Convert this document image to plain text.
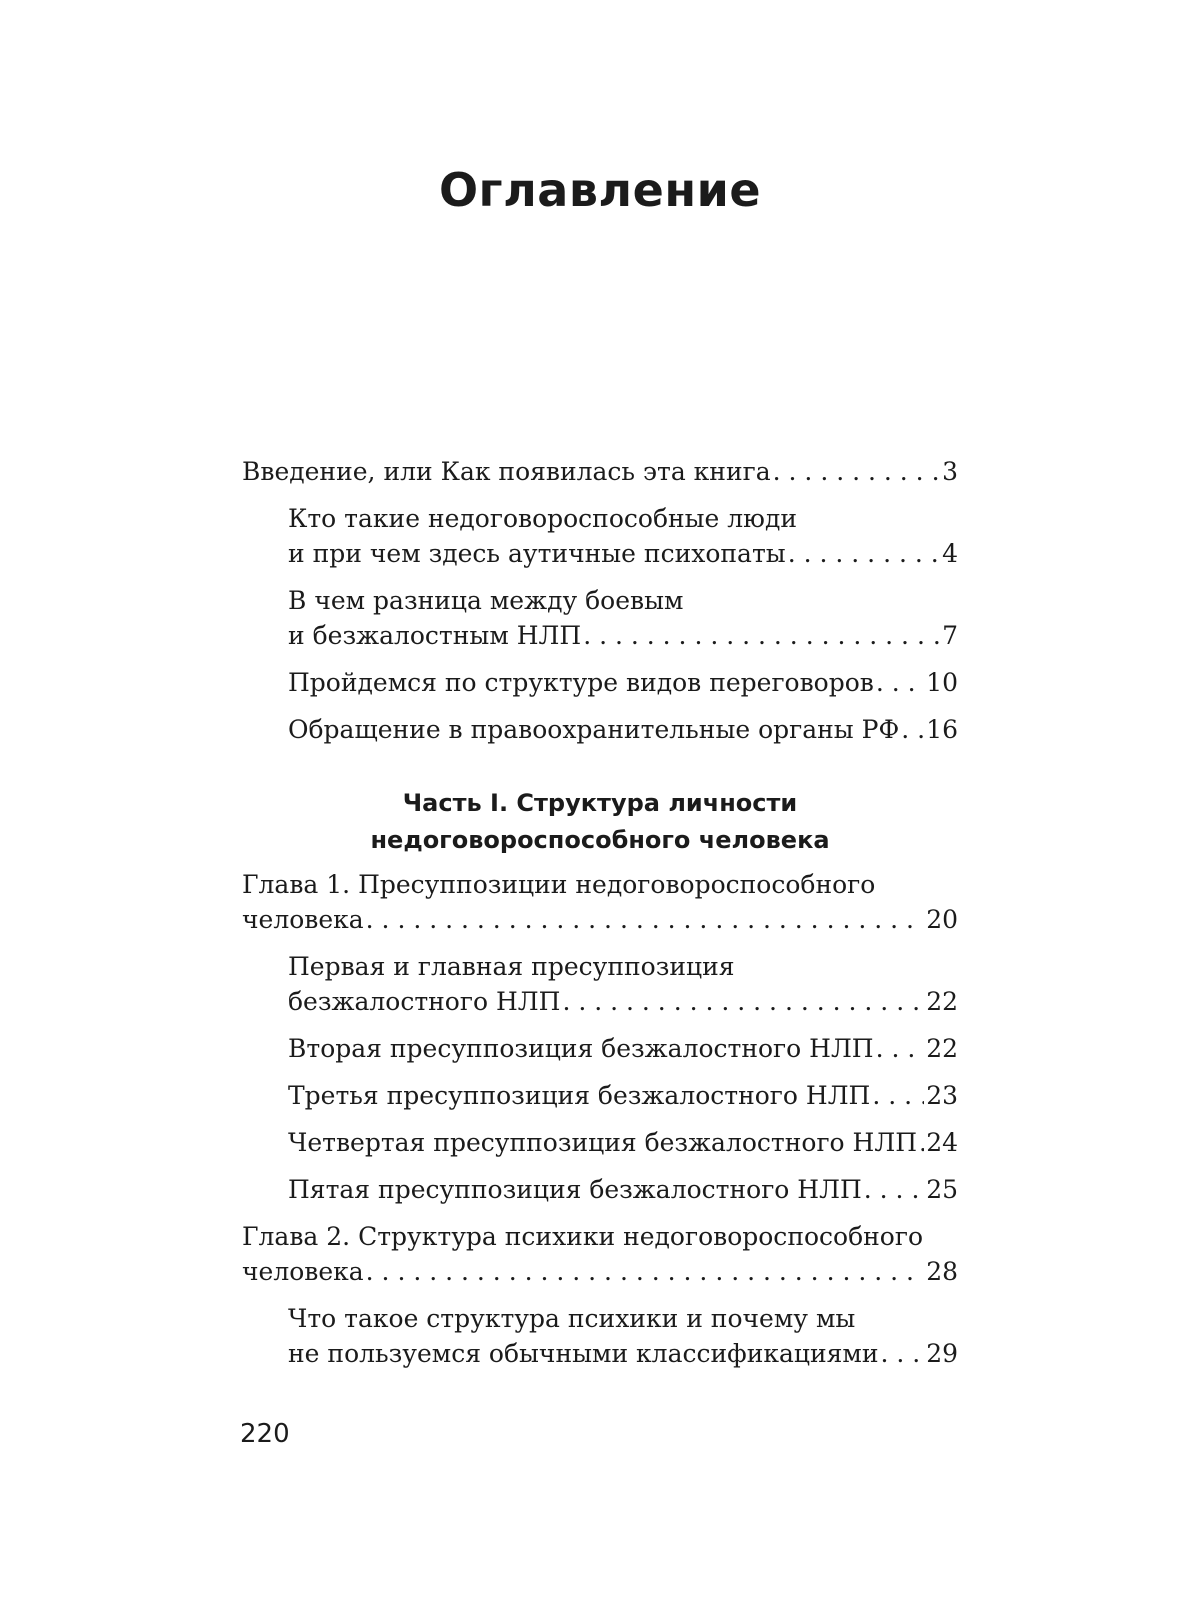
Оглавление
Введение, или Как появилась эта книга . . .	3
Кто такие недоговороспособные люди
и при чем здесь аутичные психопаты . . .	4
В чем разница между боевым
и безжалостным НЛП . . .	7
Пройдемся по структуре видов переговоров . . . 10
Обращение в правоохранительные органы РФ . . . 16
Часть I. Структура личности
недоговороспособного человека
Глава 1. Пресуппозиции недоговороспособного
человека . . .	20
Первая и главная пресуппозиция
безжалостного НЛП . . .	22
Вторая пресуппозиция безжалостного НЛП . . . 22
Третья пресуппозиция безжалостного НЛП . . . 23
Четвертая пресуппозиция безжалостного НЛП . . . 24
Пятая пресуппозиция безжалостного НЛП . . .	25
Глава 2. Структура психики недоговороспособного
человека . . .	28
Что такое структура психики и почему мы
не пользуемся обычными классификациями . . . 29
220
